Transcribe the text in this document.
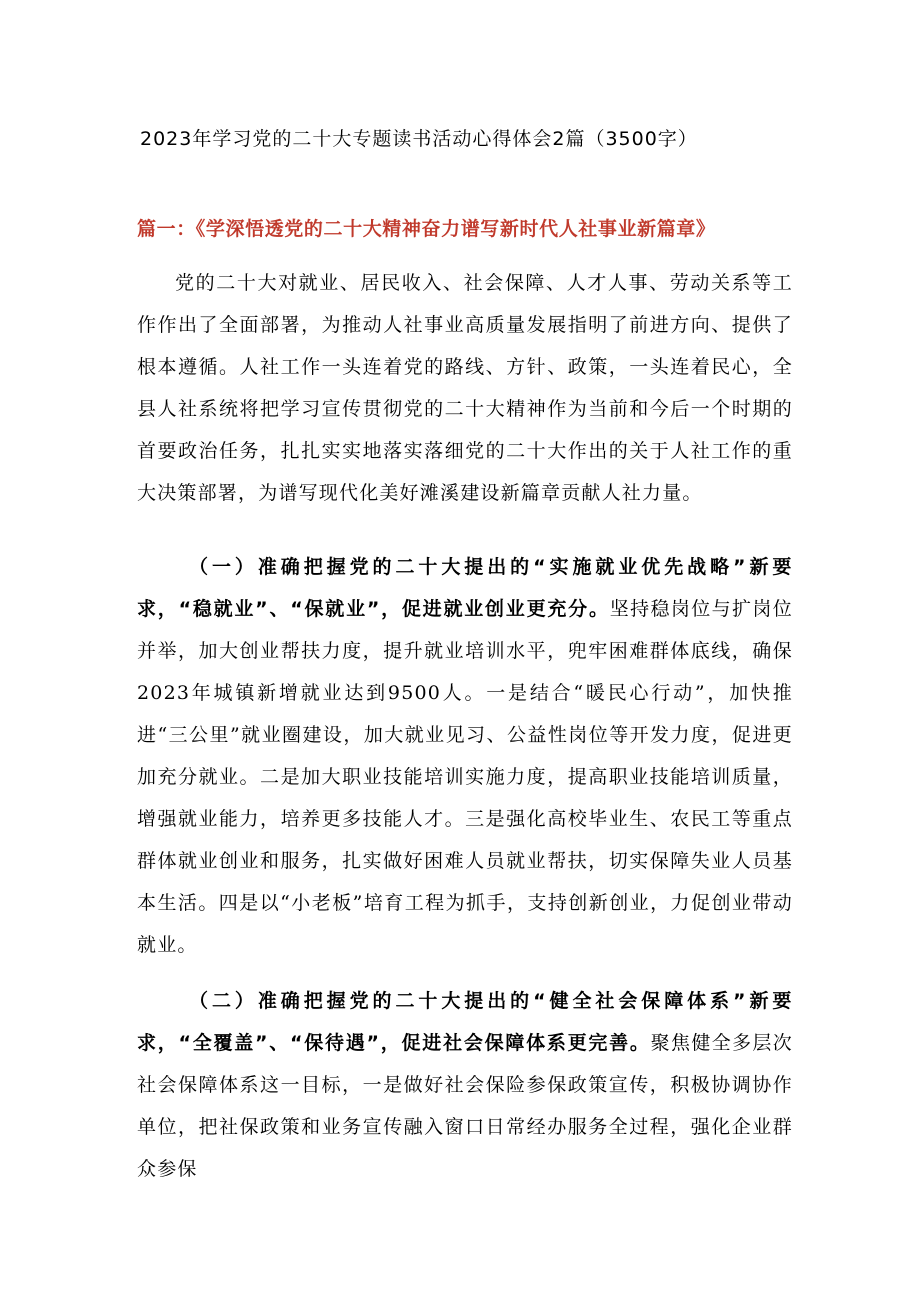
2023年学习党的二十大专题读书活动心得体会2篇（3500字）
篇一：《学深悟透党的二十大精神奋力谱写新时代人社事业新篇章》
党的二十大对就业、居民收入、社会保障、人才人事、劳动关系等工作作出了全面部署，为推动人社事业高质量发展指明了前进方向、提供了根本遵循。人社工作一头连着党的路线、方针、政策，一头连着民心，全县人社系统将把学习宣传贯彻党的二十大精神作为当前和今后一个时期的首要政治任务，扎扎实实地落实落细党的二十大作出的关于人社工作的重大决策部署，为谱写现代化美好滩溪建设新篇章贡献人社力量。
（一）准确把握党的二十大提出的“实施就业优先战略”新要求，“稳就业”、“保就业”，促进就业创业更充分。坚持稳岗位与扩岗位并举，加大创业帮扶力度，提升就业培训水平，兜牢困难群体底线，确保2023年城镇新增就业达到9500人。一是结合“暖民心行动”，加快推进“三公里”就业圈建设，加大就业见习、公益性岗位等开发力度，促进更加充分就业。二是加大职业技能培训实施力度，提高职业技能培训质量，增强就业能力，培养更多技能人才。三是强化高校毕业生、农民工等重点群体就业创业和服务，扎实做好困难人员就业帮扶，切实保障失业人员基本生活。四是以“小老板”培育工程为抓手，支持创新创业，力促创业带动就业。
（二）准确把握党的二十大提出的“健全社会保障体系”新要求，“全覆盖”、“保待遇”，促进社会保障体系更完善。聚焦健全多层次社会保障体系这一目标，一是做好社会保险参保政策宣传，积极协调协作单位，把社保政策和业务宣传融入窗口日常经办服务全过程，强化企业群众参保
